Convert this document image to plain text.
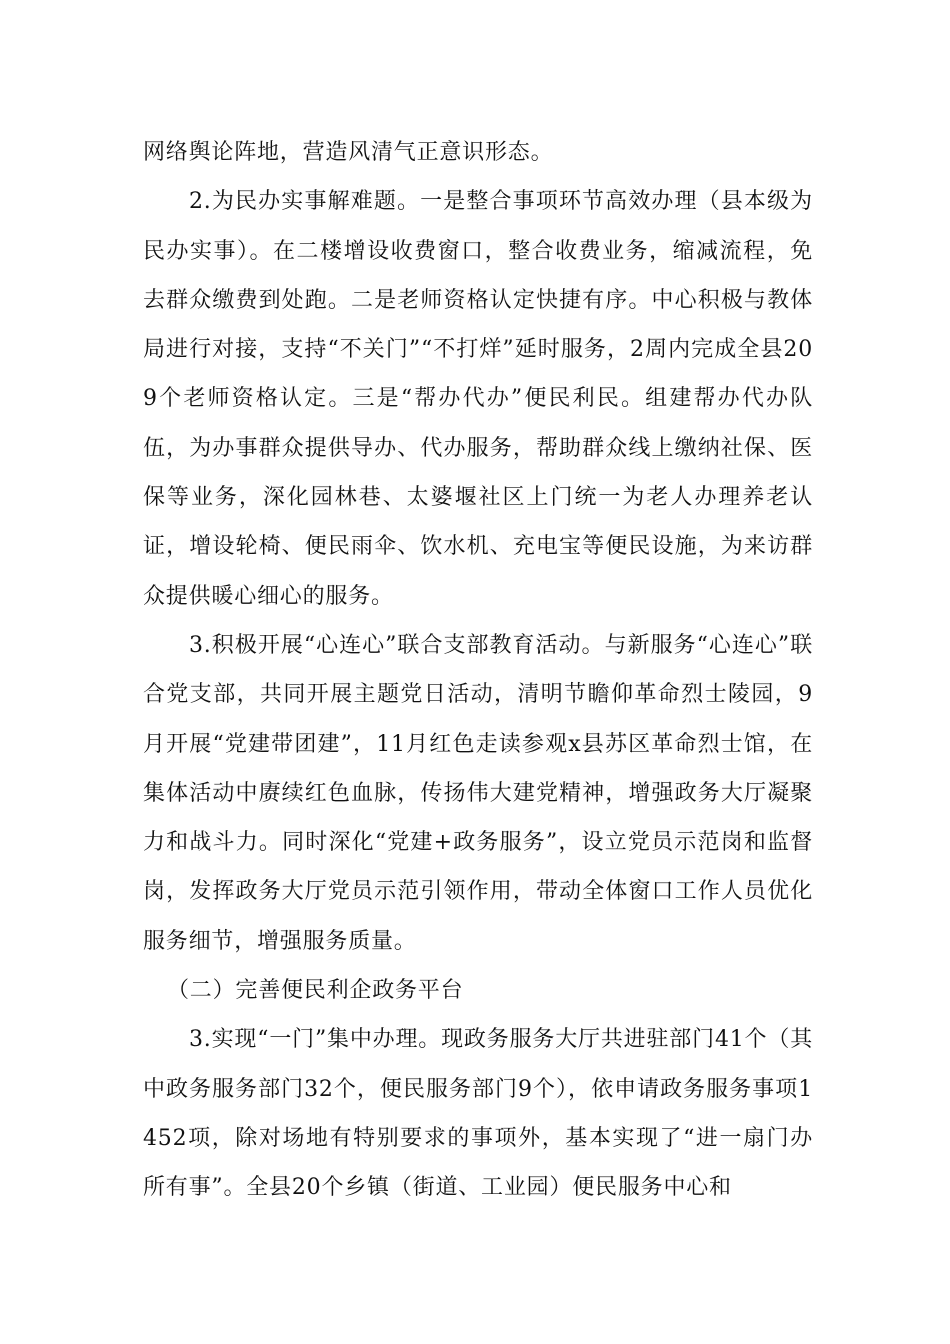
网络舆论阵地，营造风清气正意识形态。

2.为民办实事解难题。一是整合事项环节高效办理（县本级为民办实事）。在二楼增设收费窗口，整合收费业务，缩减流程，免去群众缴费到处跑。二是老师资格认定快捷有序。中心积极与教体局进行对接，支持“不关门”“不打烊”延时服务，2周内完成全县209个老师资格认定。三是“帮办代办”便民利民。组建帮办代办队伍，为办事群众提供导办、代办服务，帮助群众线上缴纳社保、医保等业务，深化园林巷、太婆堰社区上门统一为老人办理养老认证，增设轮椅、便民雨伞、饮水机、充电宝等便民设施，为来访群众提供暖心细心的服务。

3.积极开展“心连心”联合支部教育活动。与新服务“心连心”联合党支部，共同开展主题党日活动，清明节瞻仰革命烈士陵园，9月开展“党建带团建”，11月红色走读参观x县苏区革命烈士馆，在集体活动中赓续红色血脉，传扬伟大建党精神，增强政务大厅凝聚力和战斗力。同时深化“党建+政务服务”，设立党员示范岗和监督岗，发挥政务大厅党员示范引领作用，带动全体窗口工作人员优化服务细节，增强服务质量。

（二）完善便民利企政务平台

3.实现“一门”集中办理。现政务服务大厅共进驻部门41个（其中政务服务部门32个，便民服务部门9个），依申请政务服务事项1452项，除对场地有特别要求的事项外，基本实现了“进一扇门办所有事”。全县20个乡镇（街道、工业园）便民服务中心和
